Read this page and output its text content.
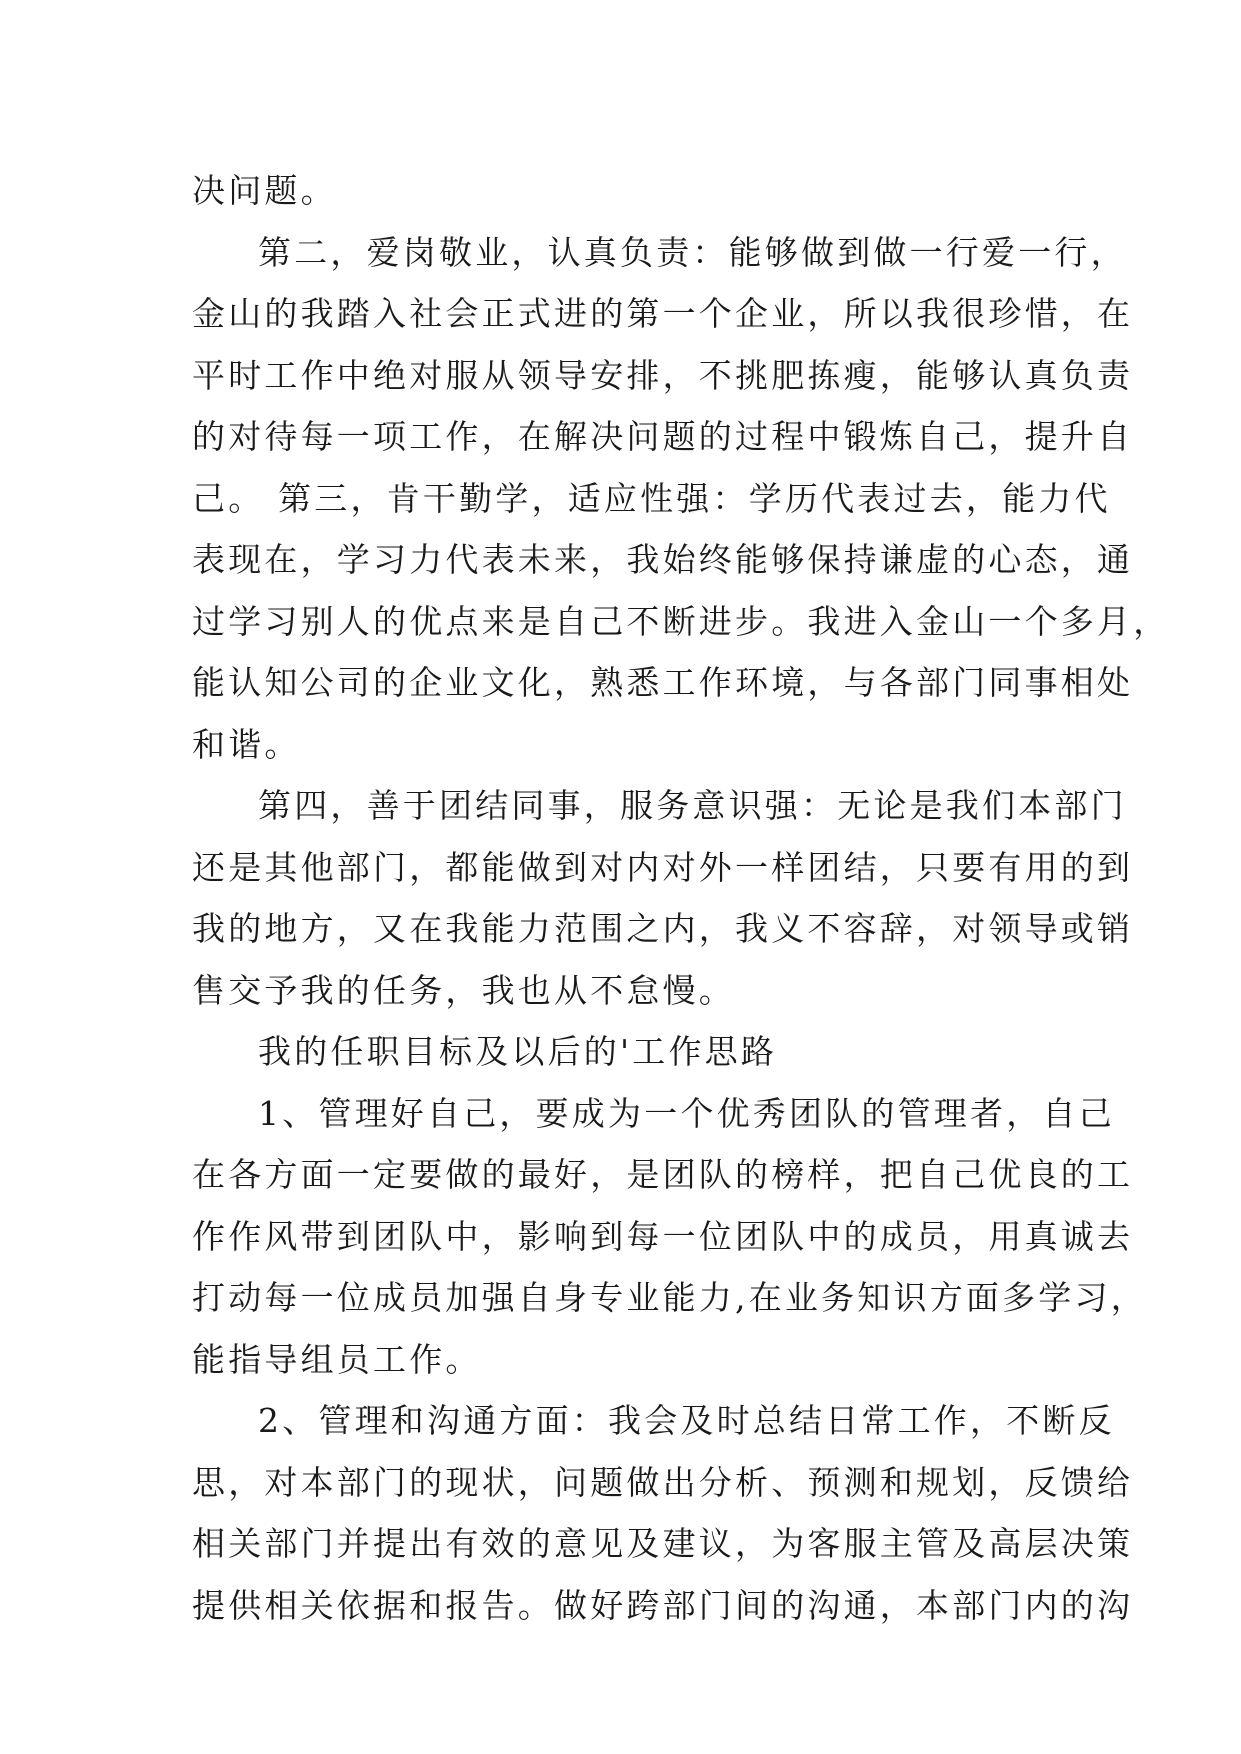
决问题。
第二，爱岗敬业，认真负责：能够做到做一行爱一行，
金山的我踏入社会正式进的第一个企业，所以我很珍惜，在
平时工作中绝对服从领导安排，不挑肥拣瘦，能够认真负责
的对待每一项工作，在解决问题的过程中锻炼自己，提升自
己。 第三，肯干勤学，适应性强：学历代表过去，能力代
表现在，学习力代表未来，我始终能够保持谦虚的心态，通
过学习别人的优点来是自己不断进步。我进入金山一个多月，
能认知公司的企业文化，熟悉工作环境，与各部门同事相处
和谐。
第四，善于团结同事，服务意识强：无论是我们本部门
还是其他部门，都能做到对内对外一样团结，只要有用的到
我的地方，又在我能力范围之内，我义不容辞，对领导或销
售交予我的任务，我也从不怠慢。
我的任职目标及以后的'工作思路
1、管理好自己，要成为一个优秀团队的管理者，自己
在各方面一定要做的最好，是团队的榜样，把自己优良的工
作作风带到团队中，影响到每一位团队中的成员，用真诚去
打动每一位成员加强自身专业能力,在业务知识方面多学习，
能指导组员工作。
2、管理和沟通方面：我会及时总结日常工作，不断反
思，对本部门的现状，问题做出分析、预测和规划，反馈给
相关部门并提出有效的意见及建议，为客服主管及高层决策
提供相关依据和报告。做好跨部门间的沟通，本部门内的沟
